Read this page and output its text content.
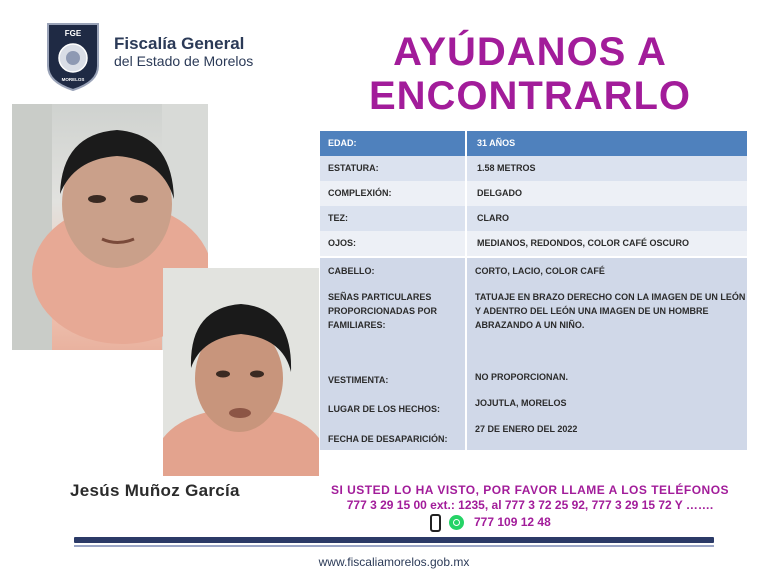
FGE
MORELOS
Fiscalía General
del Estado de Morelos	AYÚDANOS A
ENCONTRARLO
EDAD:	31 AÑOS
ESTATURA:	1.58 METROS
COMPLEXIÓN:	DELGADO
TEZ:	CLARO
OJOS:	MEDIANOS, REDONDOS, COLOR CAFÉ OSCURO
CABELLO:	CORTO, LACIO, COLOR CAFÉ
SEÑAS PARTICULARES
PROPORCIONADAS POR
FAMILIARES:
TATUAJE EN BRAZO DERECHO CON LA IMAGEN DE UN LEÓN
Y ADENTRO DEL LEÓN UNA IMAGEN DE UN HOMBRE
ABRAZANDO A UN NIÑO.
VESTIMENTA:	NO PROPORCIONAN.
LUGAR DE LOS HECHOS:
JOJUTLA, MORELOS
FECHA DE DESAPARICIÓN:
27 DE ENERO DEL 2022
Jesús Muñoz García	SI USTED LO HA VISTO, POR FAVOR LLAME A LOS TELÉFONOS
777 3 29 15 00 ext.: 1235, al 777 3 72 25 92, 777 3 29 15 72 Y …….
777 109 12 48
www.fiscaliamorelos.gob.mx
